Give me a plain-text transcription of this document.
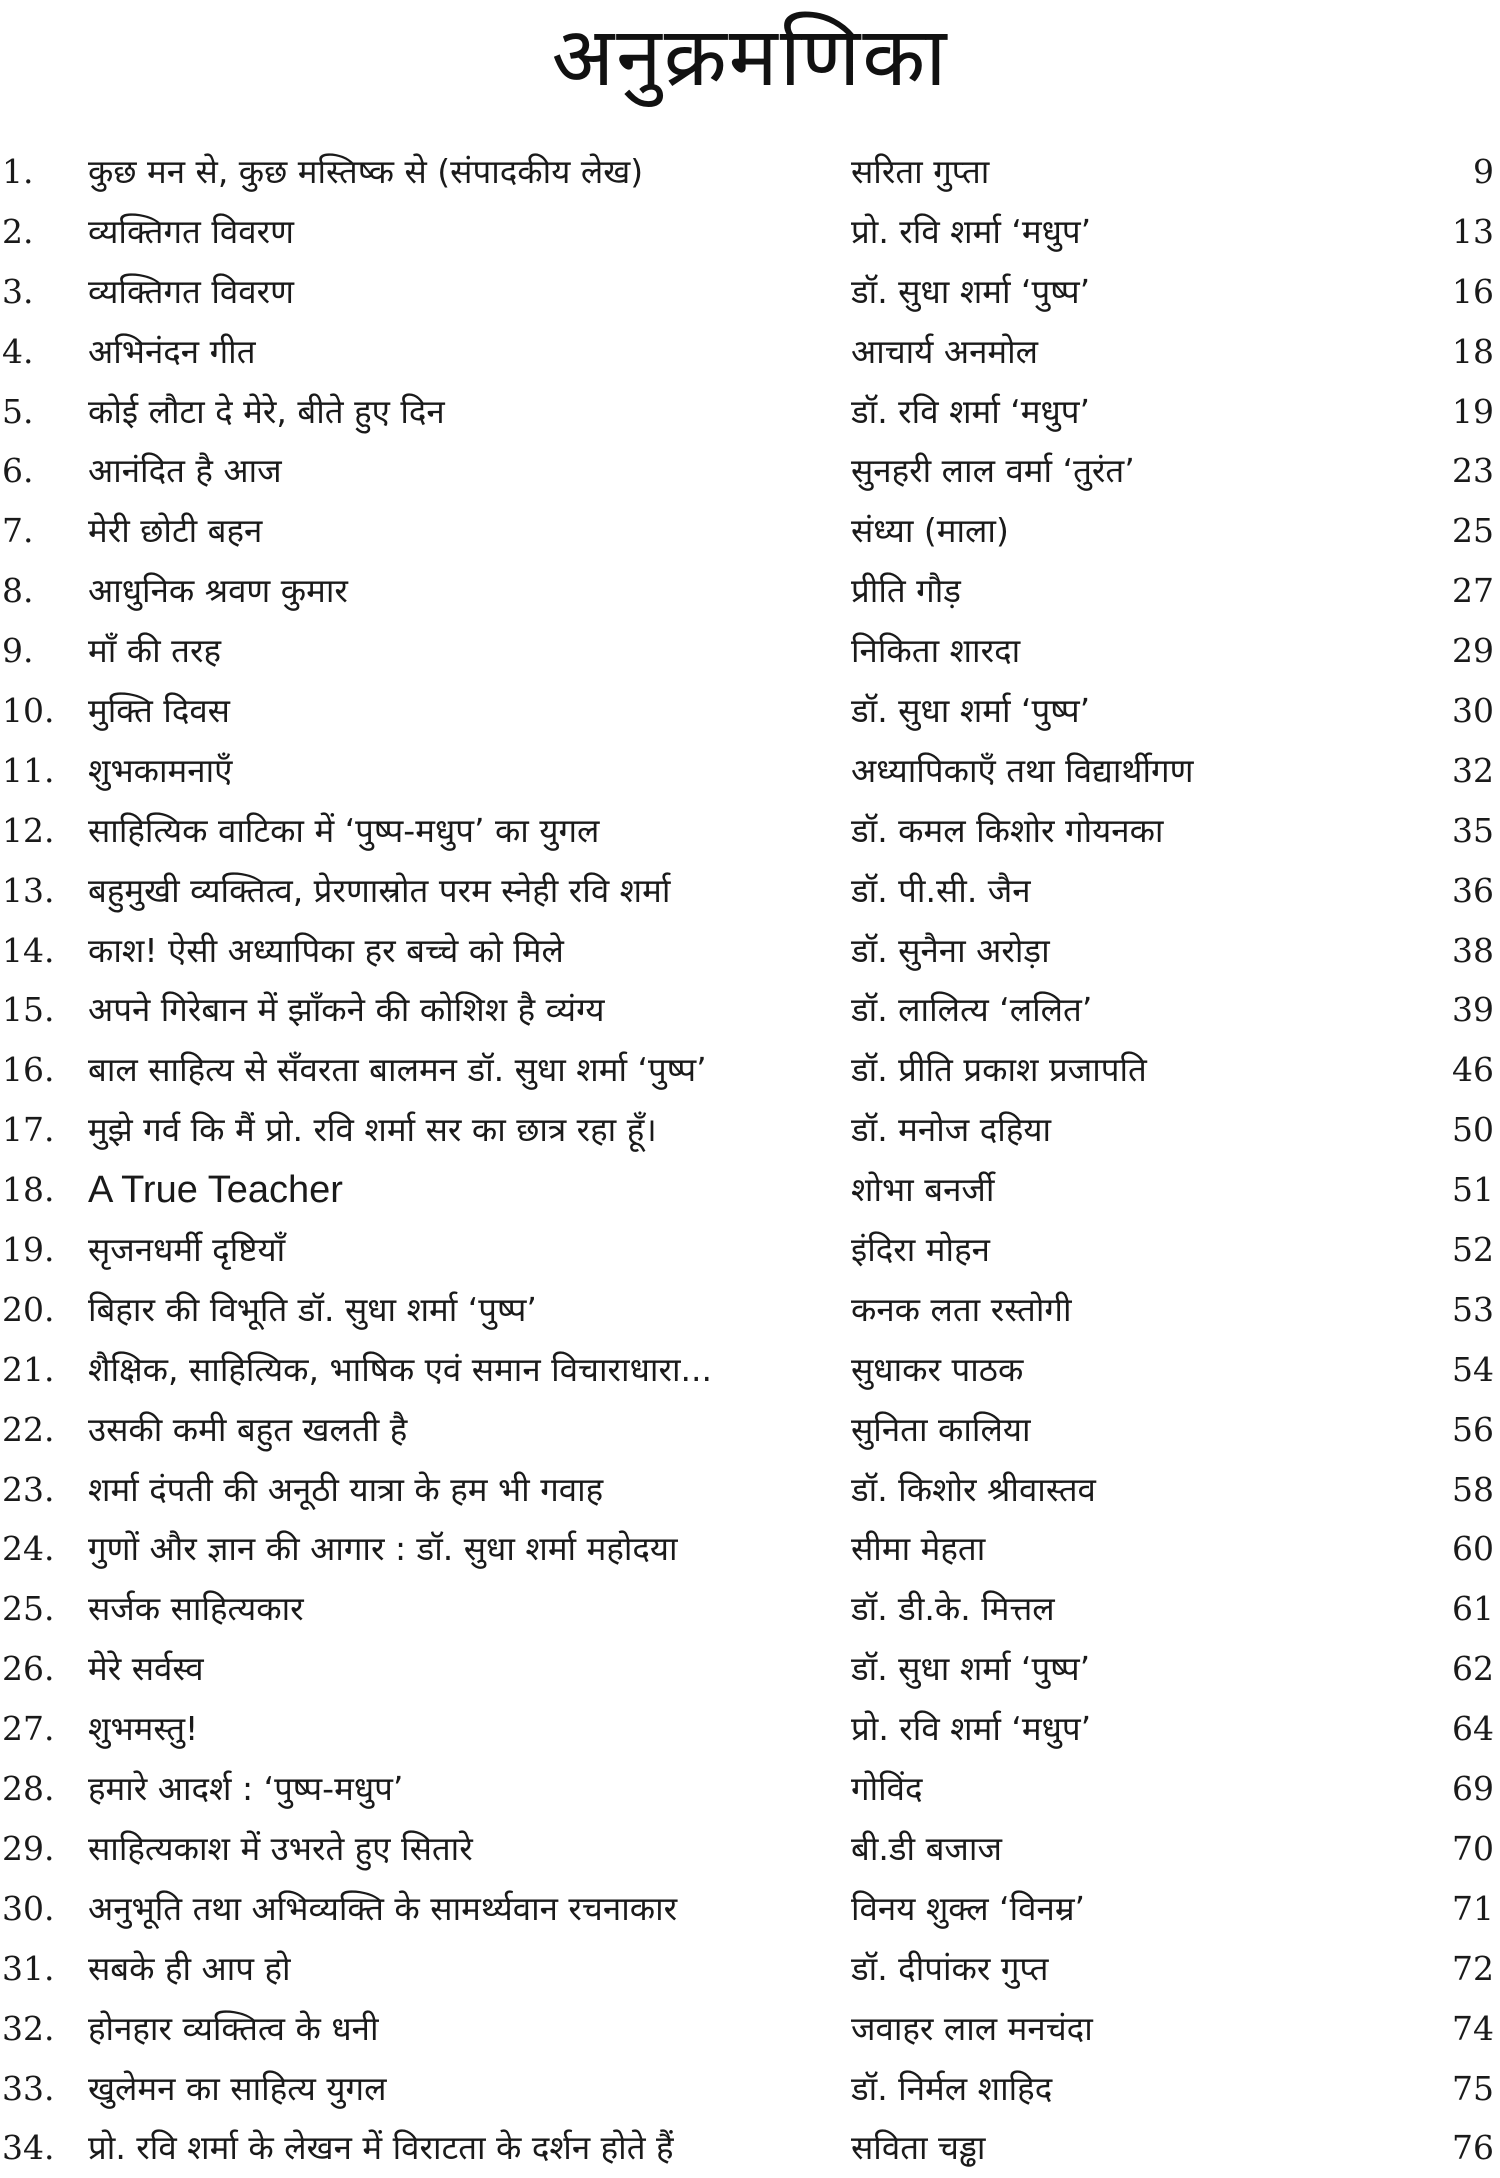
अनुक्रमणिका
1.	कुछ मन से, कुछ मस्तिष्क से (संपादकीय लेख)	सरिता गुप्ता	9
2.	व्यक्तिगत विवरण	प्रो. रवि शर्मा ‘मधुप’	13
3.	व्यक्तिगत विवरण	डॉ. सुधा शर्मा ‘पुष्प’	16
4.	अभिनंदन गीत	आचार्य अनमोल	18
5.	कोई लौटा दे मेरे, बीते हुए दिन	डॉ. रवि शर्मा ‘मधुप’	19
6.	आनंदित है आज	सुनहरी लाल वर्मा ‘तुरंत’	23
7.	मेरी छोटी बहन	संध्या (माला)	25
8.	आधुनिक श्रवण कुमार	प्रीति गौड़	27
9.	माँ की तरह	निकिता शारदा	29
10.	मुक्ति दिवस	डॉ. सुधा शर्मा ‘पुष्प’	30
11.	शुभकामनाएँ	अध्यापिकाएँ तथा विद्यार्थीगण	32
12.	साहित्यिक वाटिका में ‘पुष्प-मधुप’ का युगल	डॉ. कमल किशोर गोयनका	35
13.	बहुमुखी व्यक्तित्व, प्रेरणास्रोत परम स्नेही रवि शर्मा	डॉ. पी.सी. जैन	36
14.	काश! ऐसी अध्यापिका हर बच्चे को मिले	डॉ. सुनैना अरोड़ा	38
15.	अपने गिरेबान में झाँकने की कोशिश है व्यंग्य	डॉ. लालित्य ‘ललित’	39
16.	बाल साहित्य से सँवरता बालमन डॉ. सुधा शर्मा ‘पुष्प’	डॉ. प्रीति प्रकाश प्रजापति	46
17.	मुझे गर्व कि मैं प्रो. रवि शर्मा सर का छात्र रहा हूँ।	डॉ. मनोज दहिया	50
18. A True Teacher	शोभा बनर्जी	51
19.	सृजनधर्मी दृष्टियाँ	इंदिरा मोहन	52
20.	बिहार की विभूति डॉ. सुधा शर्मा ‘पुष्प’	कनक लता रस्तोगी	53
21.	शैक्षिक, साहित्यिक, भाषिक एवं समान विचाराधारा...	सुधाकर पाठक	54
22.	उसकी कमी बहुत खलती है	सुनिता कालिया	56
23.	शर्मा दंपती की अनूठी यात्रा के हम भी गवाह	डॉ. किशोर श्रीवास्तव	58
24.	गुणों और ज्ञान की आगार : डॉ. सुधा शर्मा महोदया	सीमा मेहता	60
25.	सर्जक साहित्यकार	डॉ. डी.के. मित्तल	61
26.	मेरे सर्वस्व	डॉ. सुधा शर्मा ‘पुष्प’	62
27.	शुभमस्तु!	प्रो. रवि शर्मा ‘मधुप’	64
28.	हमारे आदर्श : ‘पुष्प-मधुप’	गोविंद	69
29.	साहित्यकाश में उभरते हुए सितारे	बी.डी बजाज	70
30.	अनुभूति तथा अभिव्यक्ति के सामर्थ्यवान रचनाकार	विनय शुक्ल ‘विनम्र’	71
31.	सबके ही आप हो	डॉ. दीपांकर गुप्त	72
32.	होनहार व्यक्तित्व के धनी	जवाहर लाल मनचंदा	74
33.	खुलेमन का साहित्य युगल	डॉ. निर्मल शाहिद	75
34.	प्रो. रवि शर्मा के लेखन में विराटता के दर्शन होते हैं	सविता चड्ढा	76
